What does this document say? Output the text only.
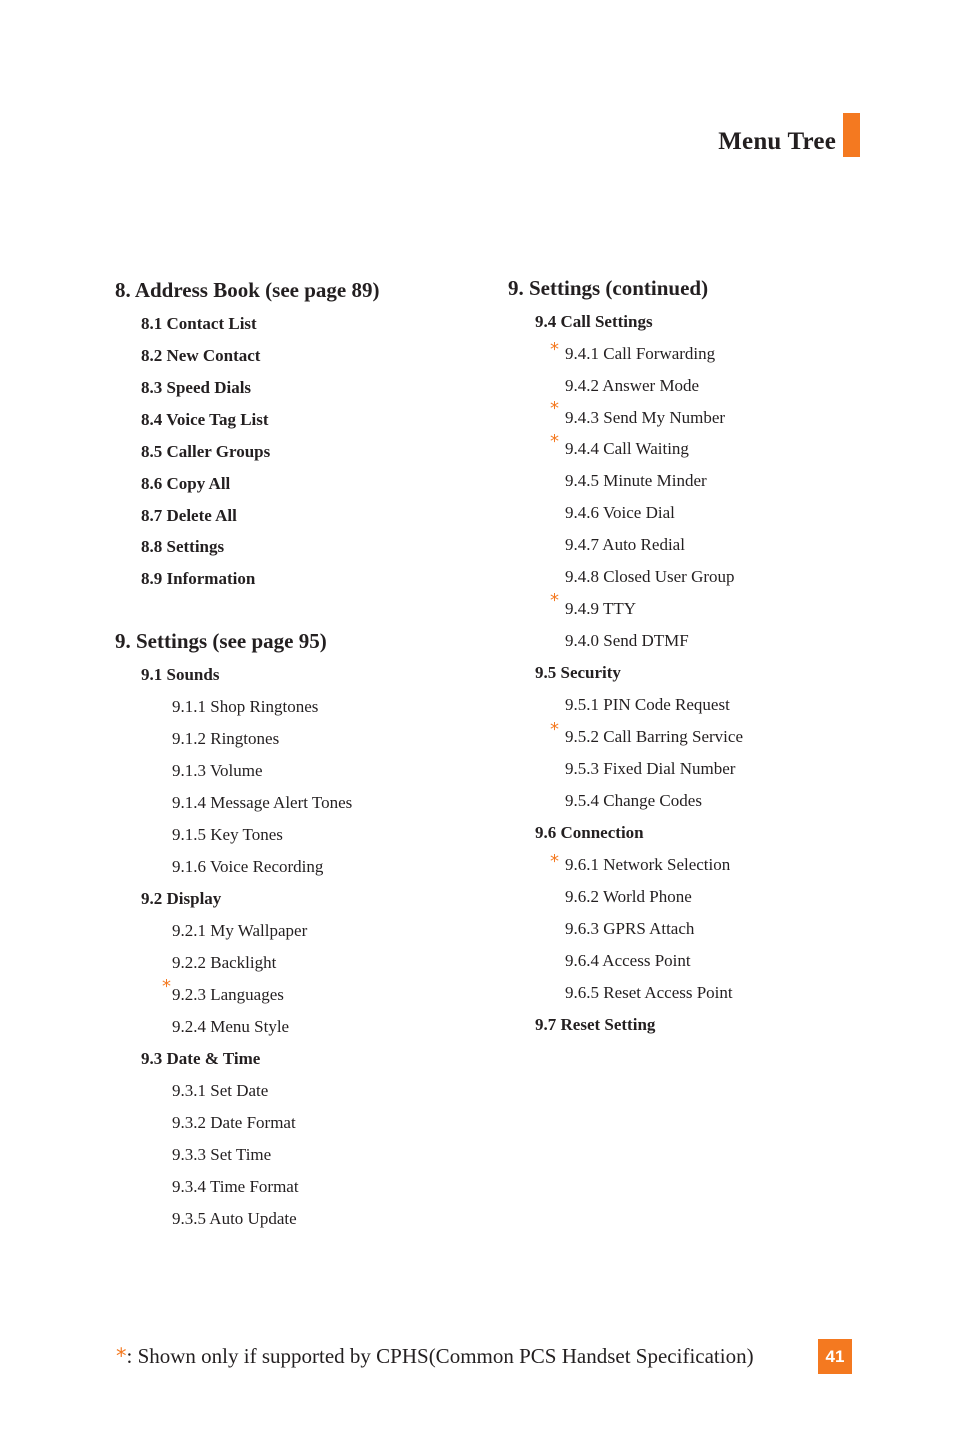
Menu Tree
8. Address Book (see page 89)
8.1 Contact List
8.2 New Contact
8.3 Speed Dials
8.4 Voice Tag List
8.5 Caller Groups
8.6 Copy All
8.7 Delete All
8.8 Settings
8.9 Information
9. Settings (see page 95)
9.1 Sounds
9.1.1 Shop Ringtones
9.1.2 Ringtones
9.1.3 Volume
9.1.4 Message Alert Tones
9.1.5 Key Tones
9.1.6 Voice Recording
9.2 Display
9.2.1 My Wallpaper
9.2.2 Backlight
* 9.2.3 Languages
9.2.4 Menu Style
9.3 Date & Time
9.3.1 Set Date
9.3.2 Date Format
9.3.3 Set Time
9.3.4 Time Format
9.3.5 Auto Update
9. Settings (continued)
9.4 Call Settings
* 9.4.1 Call Forwarding
9.4.2 Answer Mode
* 9.4.3 Send My Number
* 9.4.4 Call Waiting
9.4.5 Minute Minder
9.4.6 Voice Dial
9.4.7 Auto Redial
9.4.8 Closed User Group
* 9.4.9 TTY
9.4.0 Send DTMF
9.5 Security
9.5.1 PIN Code Request
* 9.5.2 Call Barring Service
9.5.3 Fixed Dial Number
9.5.4 Change Codes
9.6 Connection
* 9.6.1 Network Selection
9.6.2 World Phone
9.6.3 GPRS Attach
9.6.4 Access Point
9.6.5 Reset Access Point
9.7 Reset Setting
*: Shown only if supported by CPHS(Common PCS Handset Specification)	41
